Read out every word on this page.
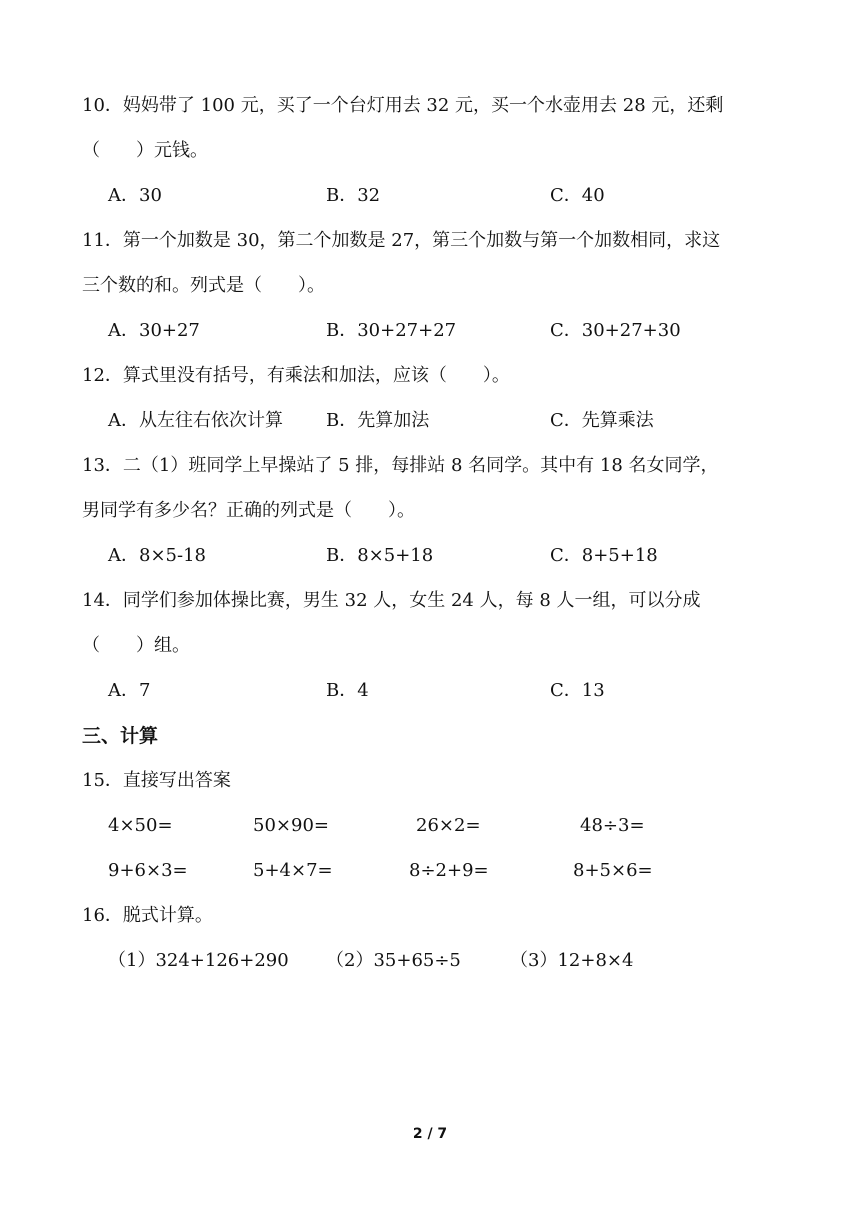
10．妈妈带了 100 元，买了一个台灯用去 32 元，买一个水壶用去 28 元，还剩
（　　）元钱。
A．30	B．32	C．40
11．第一个加数是 30，第二个加数是 27，第三个加数与第一个加数相同，求这
三个数的和。列式是（　　）。
A．30+27	B．30+27+27	C．30+27+30
12．算式里没有括号，有乘法和加法，应该（　　）。
A．从左往右依次计算 B．先算加法	C．先算乘法
13．二（1）班同学上早操站了 5 排，每排站 8 名同学。其中有 18 名女同学，
男同学有多少名？正确的列式是（　　）。
A．8×5-18	B．8×5+18	C．8+5+18
14．同学们参加体操比赛，男生 32 人，女生 24 人，每 8 人一组，可以分成
（　　）组。
A．7	B．4	C．13
三、计算
15．直接写出答案
4×50=	50×90=	26×2=	48÷3=
9+6×3=	5+4×7=	8÷2+9=	8+5×6=
16．脱式计算。
（1）324+126+290 （2）35+65÷5	（3）12+8×4
2 / 7
